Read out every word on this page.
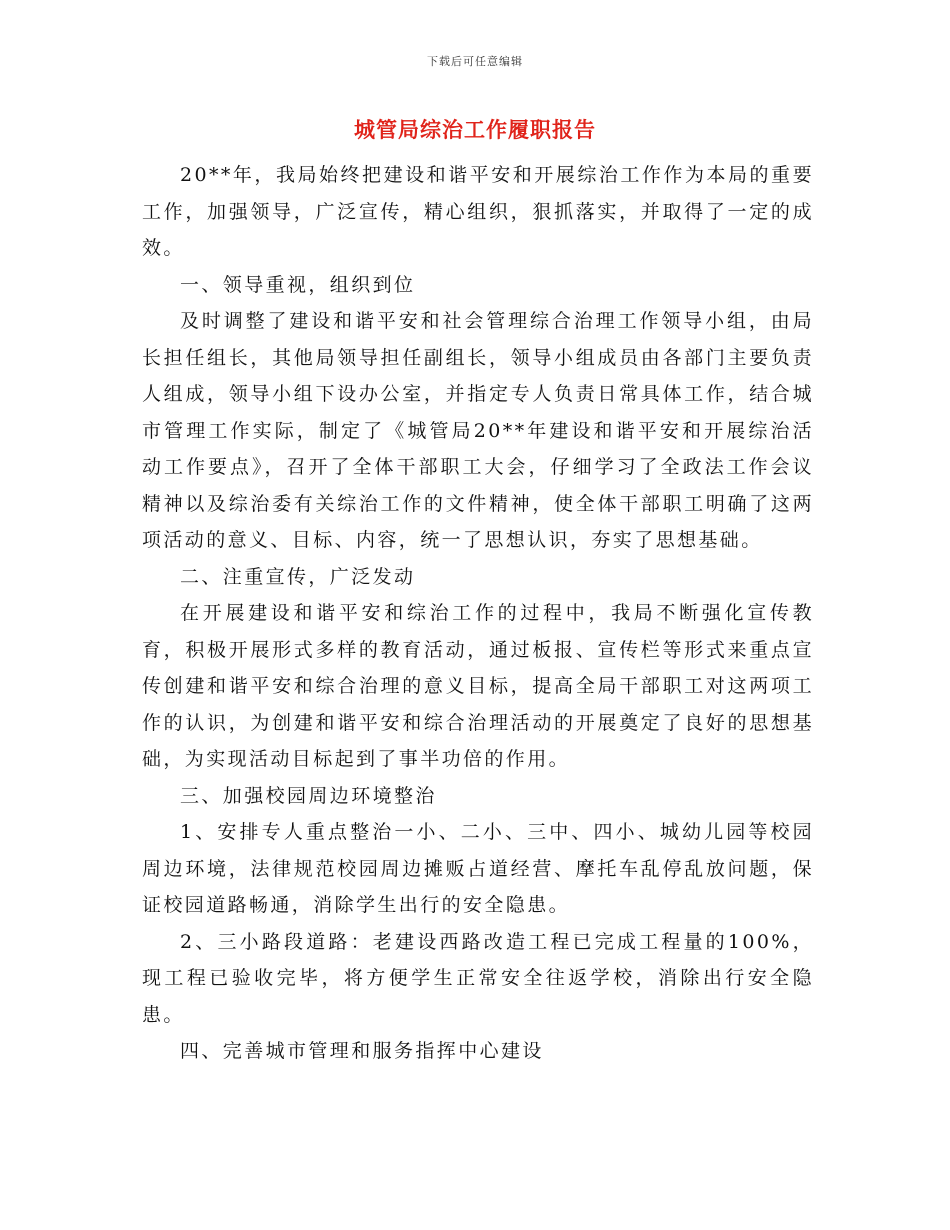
下载后可任意编辑
城管局综治工作履职报告

20**年，我局始终把建设和谐平安和开展综治工作作为本局的重要工作，加强领导，广泛宣传，精心组织，狠抓落实，并取得了一定的成效。

一、领导重视，组织到位

及时调整了建设和谐平安和社会管理综合治理工作领导小组，由局长担任组长，其他局领导担任副组长，领导小组成员由各部门主要负责人组成，领导小组下设办公室，并指定专人负责日常具体工作，结合城市管理工作实际，制定了《城管局20**年建设和谐平安和开展综治活动工作要点》，召开了全体干部职工大会，仔细学习了全政法工作会议精神以及综治委有关综治工作的文件精神，使全体干部职工明确了这两项活动的意义、目标、内容，统一了思想认识，夯实了思想基础。

二、注重宣传，广泛发动

在开展建设和谐平安和综治工作的过程中，我局不断强化宣传教育，积极开展形式多样的教育活动，通过板报、宣传栏等形式来重点宣传创建和谐平安和综合治理的意义目标，提高全局干部职工对这两项工作的认识，为创建和谐平安和综合治理活动的开展奠定了良好的思想基础，为实现活动目标起到了事半功倍的作用。

三、加强校园周边环境整治

1、安排专人重点整治一小、二小、三中、四小、城幼儿园等校园周边环境，法律规范校园周边摊贩占道经营、摩托车乱停乱放问题，保证校园道路畅通，消除学生出行的安全隐患。

2、三小路段道路：老建设西路改造工程已完成工程量的100%，现工程已验收完毕，将方便学生正常安全往返学校，消除出行安全隐患。

四、完善城市管理和服务指挥中心建设
